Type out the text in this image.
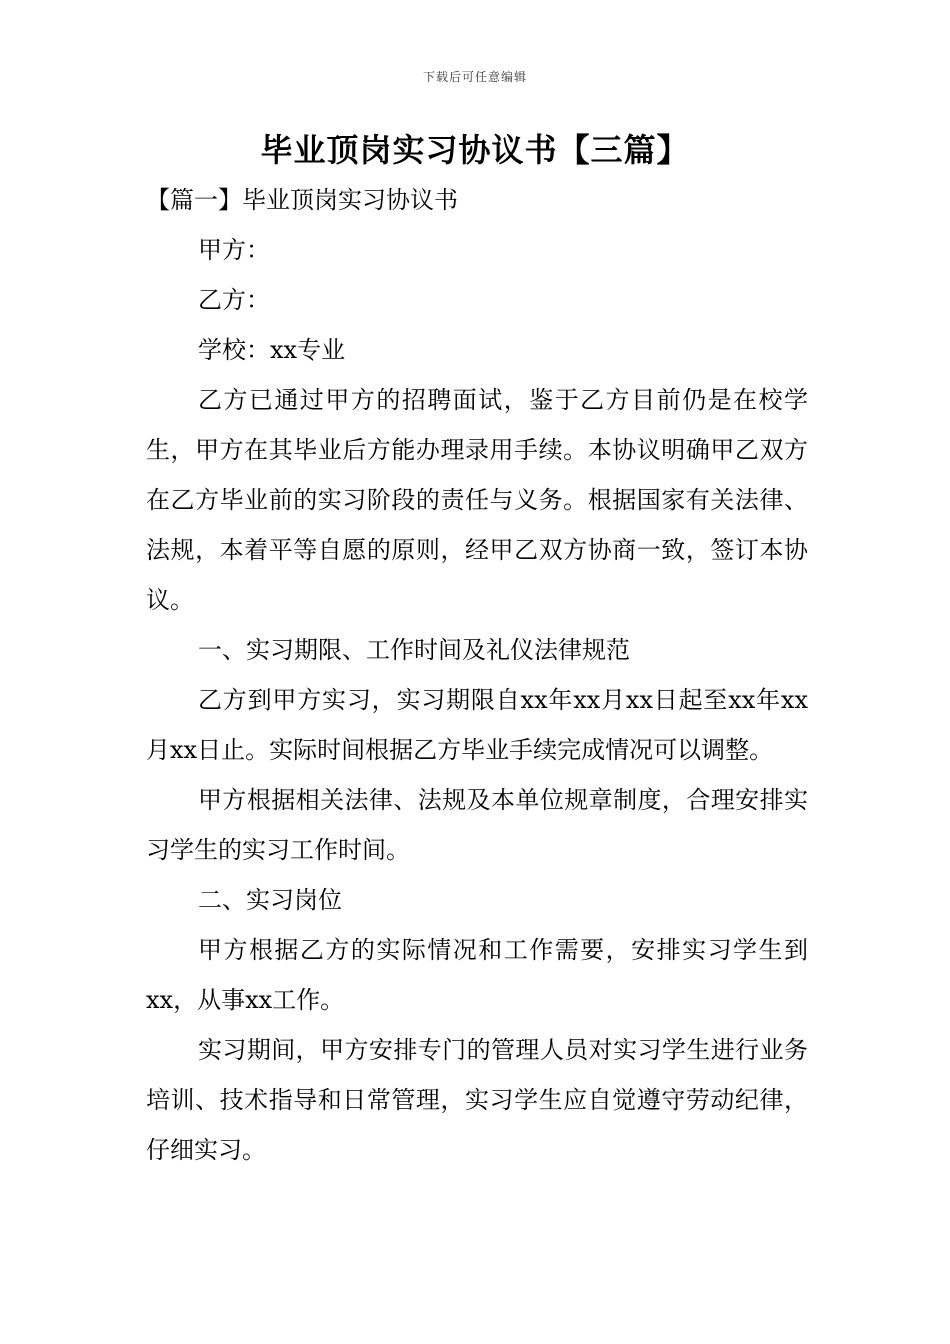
下载后可任意编辑
毕业顶岗实习协议书【三篇】

【篇一】毕业顶岗实习协议书

甲方：

乙方：

学校：xx专业

乙方已通过甲方的招聘面试，鉴于乙方目前仍是在校学生，甲方在其毕业后方能办理录用手续。本协议明确甲乙双方在乙方毕业前的实习阶段的责任与义务。根据国家有关法律、法规，本着平等自愿的原则，经甲乙双方协商一致，签订本协议。

一、实习期限、工作时间及礼仪法律规范

乙方到甲方实习，实习期限自xx年xx月xx日起至xx年xx月xx日止。实际时间根据乙方毕业手续完成情况可以调整。

甲方根据相关法律、法规及本单位规章制度，合理安排实习学生的实习工作时间。

二、实习岗位

甲方根据乙方的实际情况和工作需要，安排实习学生到xx，从事xx工作。

实习期间，甲方安排专门的管理人员对实习学生进行业务培训、技术指导和日常管理，实习学生应自觉遵守劳动纪律，仔细实习。
